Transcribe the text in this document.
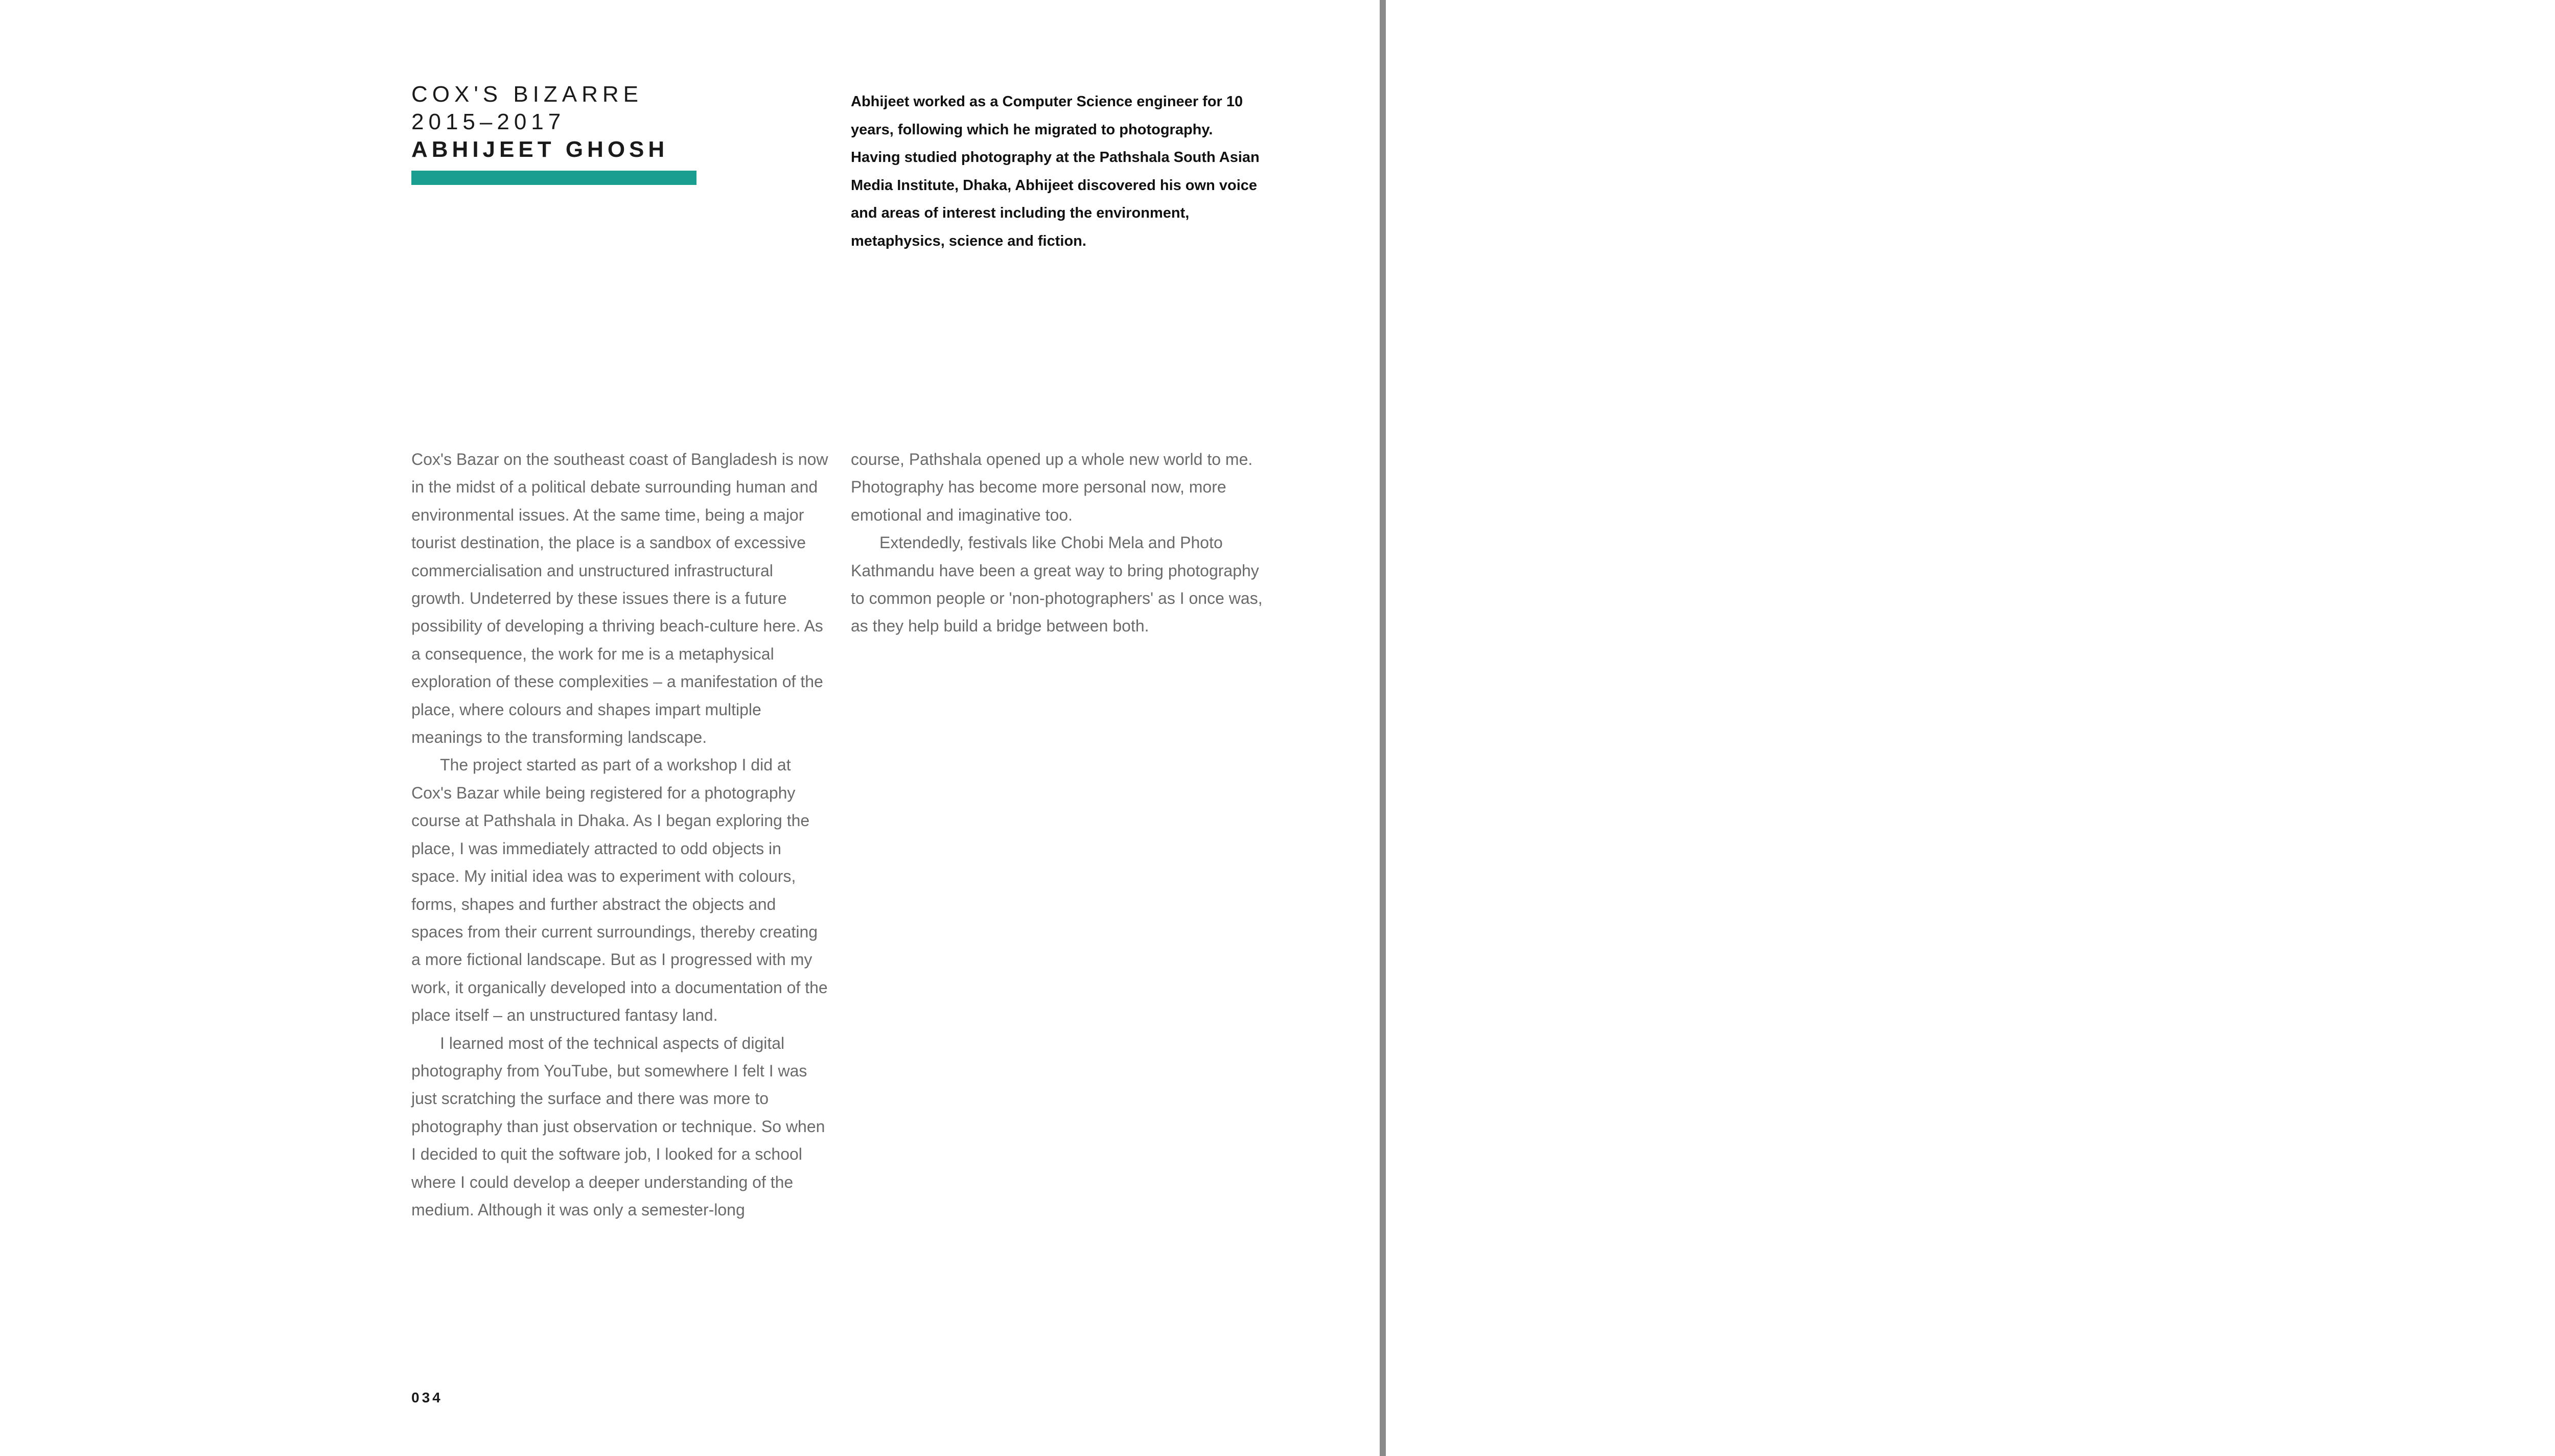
COX'S BIZARRE
2015–2017
ABHIJEET GHOSH
Abhijeet worked as a Computer Science engineer for 10 years, following which he migrated to photography. Having studied photography at the Pathshala South Asian Media Institute, Dhaka, Abhijeet discovered his own voice and areas of interest including the environment, metaphysics, science and fiction.

Cox's Bazar on the southeast coast of Bangladesh is now in the midst of a political debate surrounding human and environmental issues. At the same time, being a major tourist destination, the place is a sandbox of excessive commercialisation and unstructured infrastructural growth. Undeterred by these issues there is a future possibility of developing a thriving beach-culture here. As a consequence, the work for me is a metaphysical exploration of these complexities – a manifestation of the place, where colours and shapes impart multiple meanings to the transforming landscape.

The project started as part of a workshop I did at Cox's Bazar while being registered for a photography course at Pathshala in Dhaka. As I began exploring the place, I was immediately attracted to odd objects in space. My initial idea was to experiment with colours, forms, shapes and further abstract the objects and spaces from their current surroundings, thereby creating a more fictional landscape. But as I progressed with my work, it organically developed into a documentation of the place itself – an unstructured fantasy land.

I learned most of the technical aspects of digital photography from YouTube, but somewhere I felt I was just scratching the surface and there was more to photography than just observation or technique. So when I decided to quit the software job, I looked for a school where I could develop a deeper understanding of the medium. Although it was only a semester-long

course, Pathshala opened up a whole new world to me. Photography has become more personal now, more emotional and imaginative too.

Extendedly, festivals like Chobi Mela and Photo Kathmandu have been a great way to bring photography to common people or 'non-photographers' as I once was, as they help build a bridge between both.

034
